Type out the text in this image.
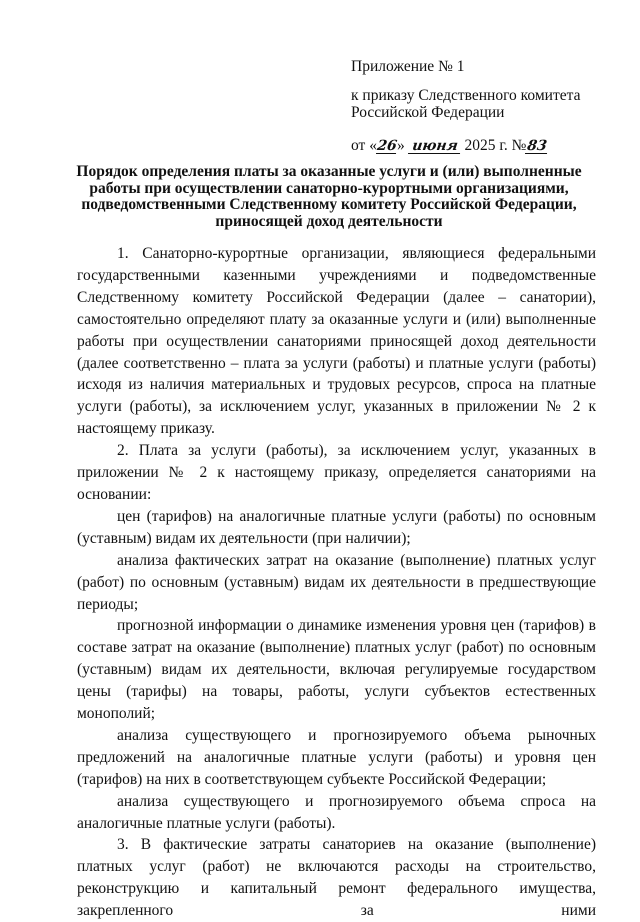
Приложение № 1
к приказу Следственного комитета
Российской Федерации
от «26» июня 2025 г. №83
Порядок определения платы за оказанные услуги и (или) выполненные работы при осуществлении санаторно-курортными организациями, подведомственными Следственному комитету Российской Федерации, приносящей доход деятельности

1. Санаторно-курортные организации, являющиеся федеральными государственными казенными учреждениями и подведомственные Следственному комитету Российской Федерации (далее – санатории), самостоятельно определяют плату за оказанные услуги и (или) выполненные работы при осуществлении санаториями приносящей доход деятельности (далее соответственно – плата за услуги (работы) и платные услуги (работы) исходя из наличия материальных и трудовых ресурсов, спроса на платные услуги (работы), за исключением услуг, указанных в приложении № 2 к настоящему приказу.

2. Плата за услуги (работы), за исключением услуг, указанных в приложении № 2 к настоящему приказу, определяется санаториями на основании:

цен (тарифов) на аналогичные платные услуги (работы) по основным (уставным) видам их деятельности (при наличии);

анализа фактических затрат на оказание (выполнение) платных услуг (работ) по основным (уставным) видам их деятельности в предшествующие периоды;

прогнозной информации о динамике изменения уровня цен (тарифов) в составе затрат на оказание (выполнение) платных услуг (работ) по основным (уставным) видам их деятельности, включая регулируемые государством цены (тарифы) на товары, работы, услуги субъектов естественных монополий;

анализа существующего и прогнозируемого объема рыночных предложений на аналогичные платные услуги (работы) и уровня цен (тарифов) на них в соответствующем субъекте Российской Федерации;

анализа существующего и прогнозируемого объема спроса на аналогичные платные услуги (работы).

3. В фактические затраты санаториев на оказание (выполнение) платных услуг (работ) не включаются расходы на строительство, реконструкцию и капитальный ремонт федерального имущества, закрепленного за ними
